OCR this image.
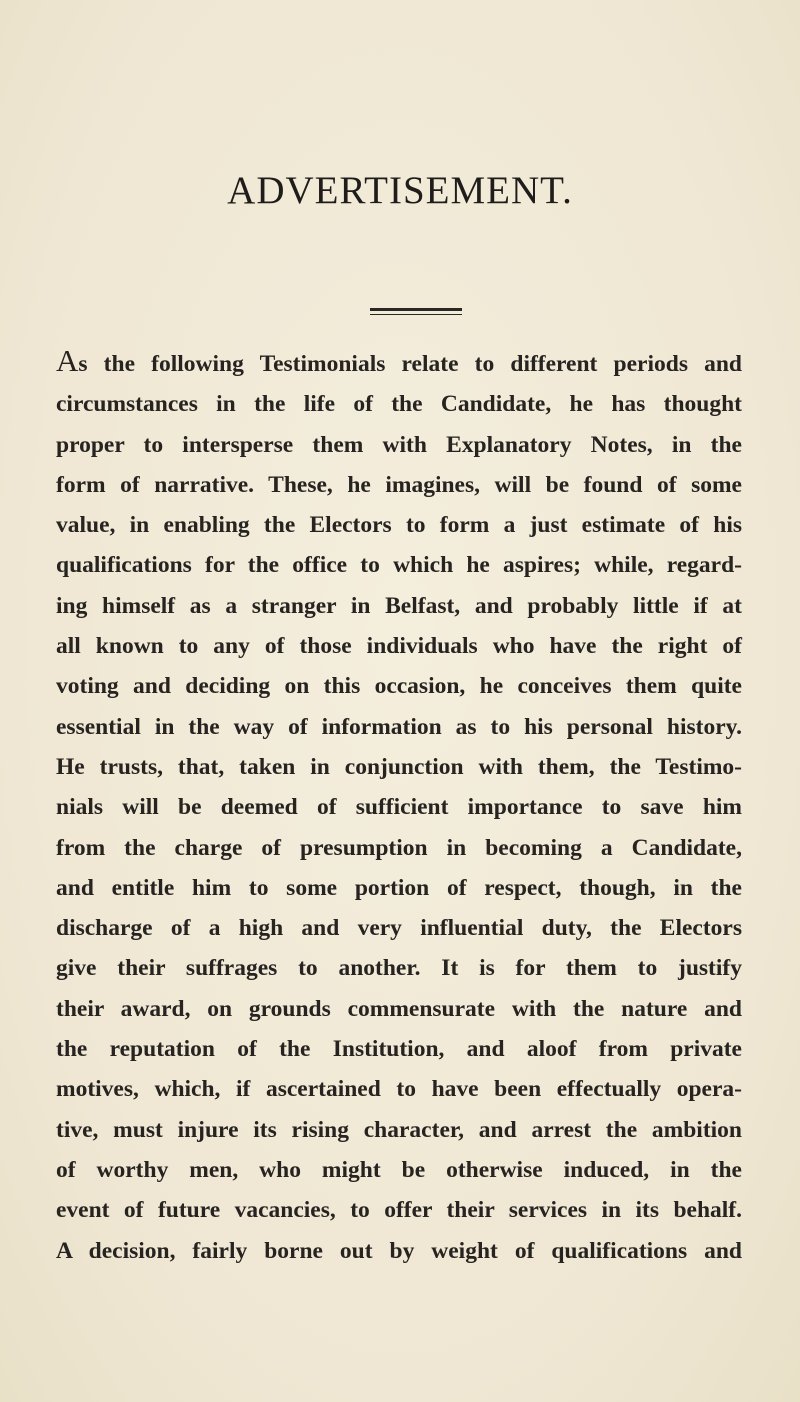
ADVERTISEMENT.
As the following Testimonials relate to different periods and
circumstances in the life of the Candidate, he has thought
proper to intersperse them with Explanatory Notes, in the
form of narrative. These, he imagines, will be found of some
value, in enabling the Electors to form a just estimate of his
qualifications for the office to which he aspires; while, regard-
ing himself as a stranger in Belfast, and probably little if at
all known to any of those individuals who have the right of
voting and deciding on this occasion, he conceives them quite
essential in the way of information as to his personal history.
He trusts, that, taken in conjunction with them, the Testimo-
nials will be deemed of sufficient importance to save him
from the charge of presumption in becoming a Candidate,
and entitle him to some portion of respect, though, in the
discharge of a high and very influential duty, the Electors
give their suffrages to another. It is for them to justify
their award, on grounds commensurate with the nature and
the reputation of the Institution, and aloof from private
motives, which, if ascertained to have been effectually opera-
tive, must injure its rising character, and arrest the ambition
of worthy men, who might be otherwise induced, in the
event of future vacancies, to offer their services in its behalf.
A decision, fairly borne out by weight of qualifications and
